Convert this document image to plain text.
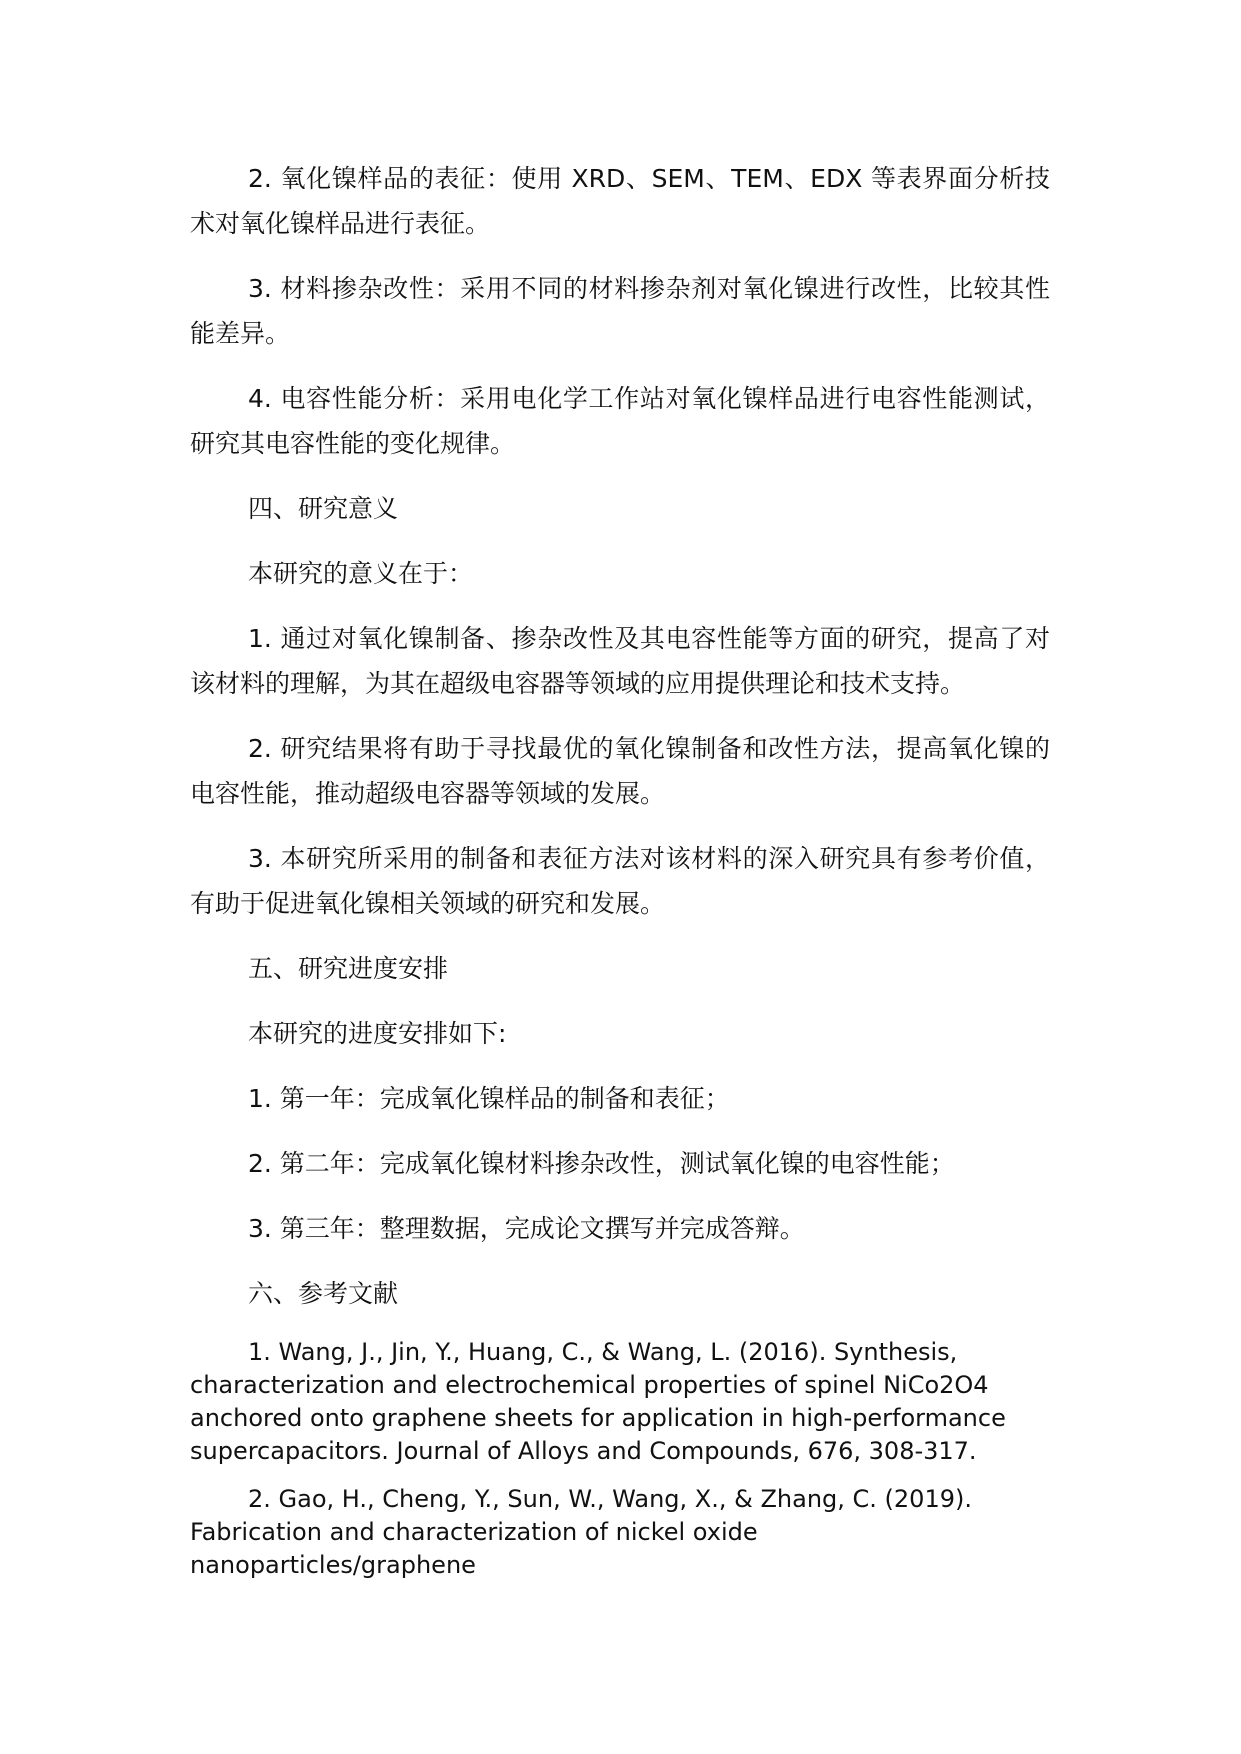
2. 氧化镍样品的表征：使用 XRD、SEM、TEM、EDX 等表界面分析技术对氧化镍样品进行表征。

3. 材料掺杂改性：采用不同的材料掺杂剂对氧化镍进行改性，比较其性能差异。

4. 电容性能分析：采用电化学工作站对氧化镍样品进行电容性能测试，研究其电容性能的变化规律。

四、研究意义

本研究的意义在于：

1. 通过对氧化镍制备、掺杂改性及其电容性能等方面的研究，提高了对该材料的理解，为其在超级电容器等领域的应用提供理论和技术支持。

2. 研究结果将有助于寻找最优的氧化镍制备和改性方法，提高氧化镍的电容性能，推动超级电容器等领域的发展。

3. 本研究所采用的制备和表征方法对该材料的深入研究具有参考价值，有助于促进氧化镍相关领域的研究和发展。

五、研究进度安排

本研究的进度安排如下:

1. 第一年：完成氧化镍样品的制备和表征；

2. 第二年：完成氧化镍材料掺杂改性，测试氧化镍的电容性能；

3. 第三年：整理数据，完成论文撰写并完成答辩。

六、参考文献

1. Wang, J., Jin, Y., Huang, C., & Wang, L. (2016). Synthesis, characterization and electrochemical properties of spinel NiCo2O4 anchored onto graphene sheets for application in high-performance supercapacitors. Journal of Alloys and Compounds, 676, 308-317.

2. Gao, H., Cheng, Y., Sun, W., Wang, X., & Zhang, C. (2019). Fabrication and characterization of nickel oxide nanoparticles/graphene
